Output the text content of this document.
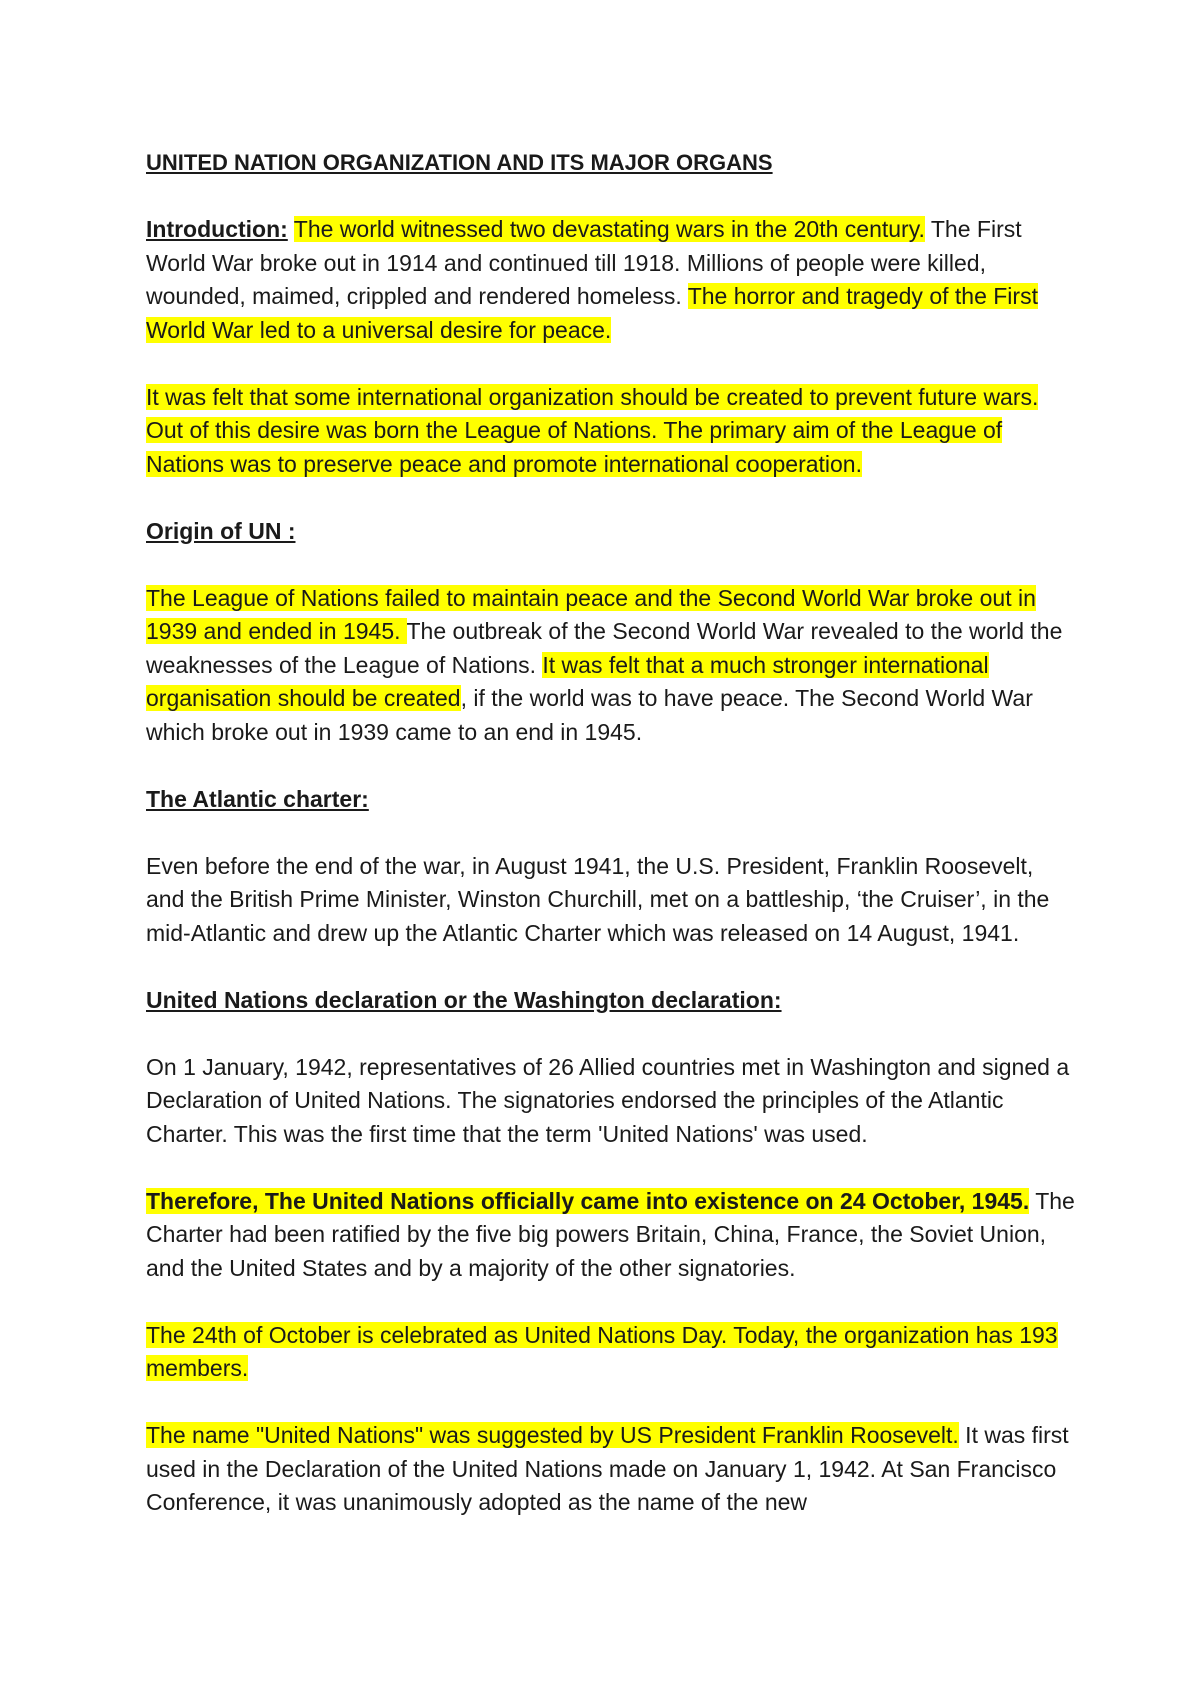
UNITED NATION ORGANIZATION AND ITS MAJOR ORGANS

Introduction: The world witnessed two devastating wars in the 20th century. The First World War broke out in 1914 and continued till 1918. Millions of people were killed, wounded, maimed, crippled and rendered homeless. The horror and tragedy of the First World War led to a universal desire for peace.

It was felt that some international organization should be created to prevent future wars. Out of this desire was born the League of Nations. The primary aim of the League of Nations was to preserve peace and promote international cooperation.

Origin of UN :

The League of Nations failed to maintain peace and the Second World War broke out in 1939 and ended in 1945. The outbreak of the Second World War revealed to the world the weaknesses of the League of Nations. It was felt that a much stronger international organisation should be created, if the world was to have peace. The Second World War which broke out in 1939 came to an end in 1945.

The Atlantic charter:

Even before the end of the war, in August 1941, the U.S. President, Franklin Roosevelt, and the British Prime Minister, Winston Churchill, met on a battleship, ‘the Cruiser’, in the mid-Atlantic and drew up the Atlantic Charter which was released on 14 August, 1941.

United Nations declaration or the Washington declaration:

On 1 January, 1942, representatives of 26 Allied countries met in Washington and signed a Declaration of United Nations. The signatories endorsed the principles of the Atlantic Charter. This was the first time that the term 'United Nations' was used.

Therefore, The United Nations officially came into existence on 24 October, 1945. The Charter had been ratified by the five big powers Britain, China, France, the Soviet Union, and the United States and by a majority of the other signatories.

The 24th of October is celebrated as United Nations Day. Today, the organization has 193 members.

The name "United Nations" was suggested by US President Franklin Roosevelt. It was first used in the Declaration of the United Nations made on January 1, 1942. At San Francisco Conference, it was unanimously adopted as the name of the new
